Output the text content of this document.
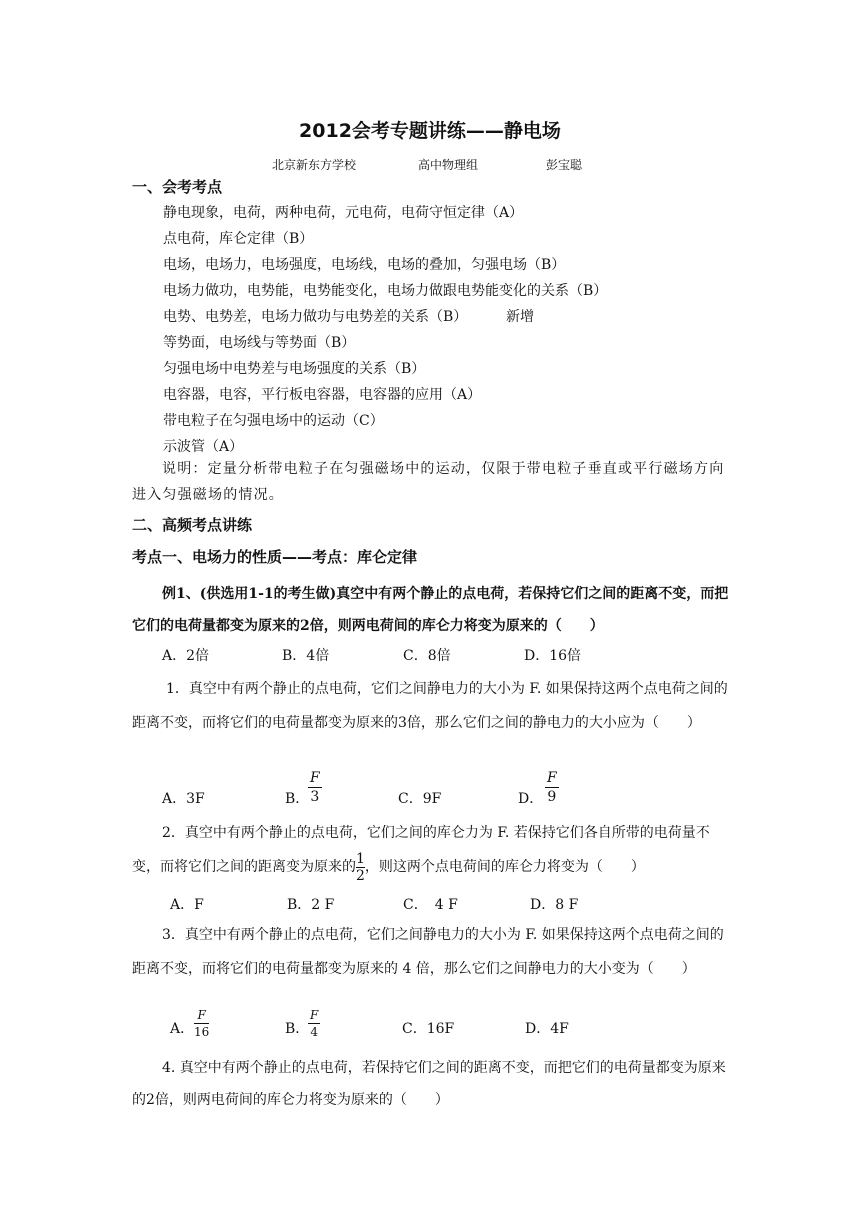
2012会考专题讲练——静电场
北京新东方学校	高中物理组	彭宝聪
一、会考考点
静电现象，电荷，两种电荷，元电荷，电荷守恒定律（A）
点电荷，库仑定律（B）
电场，电场力，电场强度，电场线，电场的叠加，匀强电场（B）
电场力做功，电势能，电势能变化，电场力做跟电势能变化的关系（B）
电势、电势差，电场力做功与电势差的关系（B）	新增
等势面，电场线与等势面（B）
匀强电场中电势差与电场强度的关系（B）
电容器，电容，平行板电容器，电容器的应用（A）
带电粒子在匀强电场中的运动（C）
示波管（A）
说明：定量分析带电粒子在匀强磁场中的运动，仅限于带电粒子垂直或平行磁场方向进入匀强磁场的情况。
二、高频考点讲练
考点一、电场力的性质——考点：库仑定律
例1、(供选用1-1的考生做)真空中有两个静止的点电荷，若保持它们之间的距离不变，而把它们的电荷量都变为原来的2倍，则两电荷间的库仑力将变为原来的（　　）
A．2倍	B．4倍	C．8倍	D．16倍
1．真空中有两个静止的点电荷，它们之间静电力的大小为 F. 如果保持这两个点电荷之间的距离不变，而将它们的电荷量都变为原来的3倍，那么它们之间的静电力的大小应为（　　）
A．3F	B．
F
3	C．9F	D．
F
9
2．真空中有两个静止的点电荷，它们之间的库仑力为 F. 若保持它们各自所带的电荷量不变，而将它们之间的距离变为原来的 $\frac{1}{2}$ ，则这两个点电荷间的库仑力将变为（　　）
A．F	B．2 F	C．　4 F	D．8 F
3．真空中有两个静止的点电荷，它们之间静电力的大小为 F. 如果保持这两个点电荷之间的距离不变，而将它们的电荷量都变为原来的 4 倍，那么它们之间静电力的大小变为（　　）
A．
F
16	B．
F
4	C．16F	D．4F
4. 真空中有两个静止的点电荷，若保持它们之间的距离不变，而把它们的电荷量都变为原来的2倍，则两电荷间的库仑力将变为原来的（　　）
